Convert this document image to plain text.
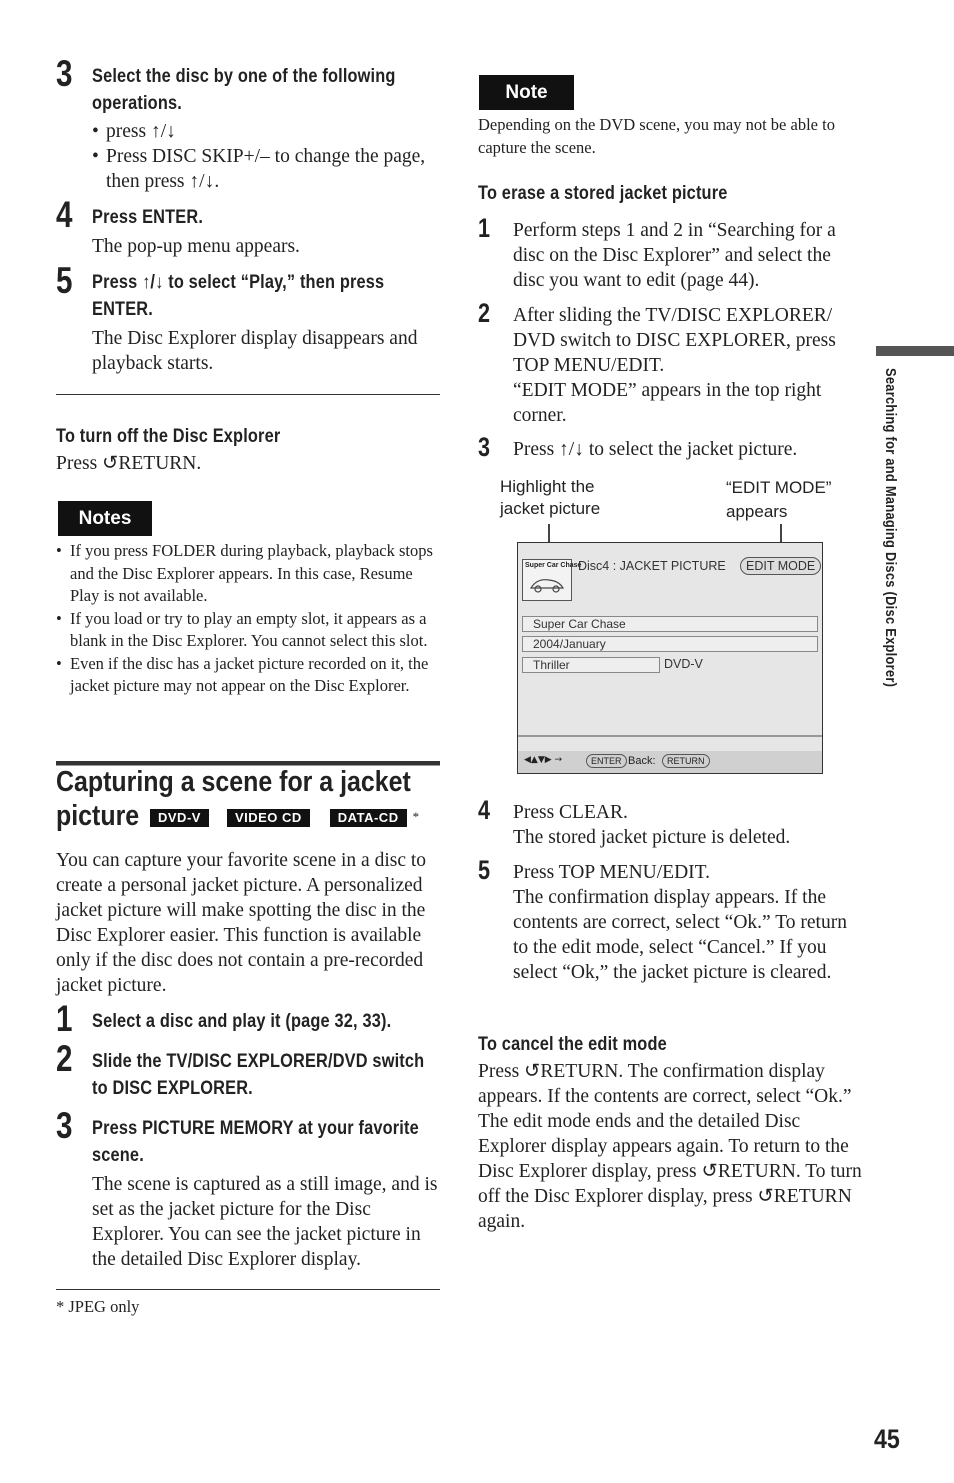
3 Select the disc by one of the following operations.
• press ↑/↓
• Press DISC SKIP+/– to change the page, then press ↑/↓.
4 Press ENTER.
The pop-up menu appears.
5 Press ↑/↓ to select “Play,” then press ENTER.
The Disc Explorer display disappears and playback starts.
To turn off the Disc Explorer
Press ↺RETURN.
Notes
• If you press FOLDER during playback, playback stops and the Disc Explorer appears. In this case, Resume Play is not available.
• If you load or try to play an empty slot, it appears as a blank in the Disc Explorer. You cannot select this slot.
• Even if the disc has a jacket picture recorded on it, the jacket picture may not appear on the Disc Explorer.
Capturing a scene for a jacket
picture	DVD-V	VIDEO CD	DATA-CD *
You can capture your favorite scene in a disc to create a personal jacket picture. A personalized jacket picture will make spotting the disc in the Disc Explorer easier. This function is available only if the disc does not contain a pre-recorded jacket picture.
1 Select a disc and play it (page 32, 33).
2 Slide the TV/DISC EXPLORER/DVD switch to DISC EXPLORER.
3 Press PICTURE MEMORY at your favorite scene.
The scene is captured as a still image, and is set as the jacket picture for the Disc Explorer. You can see the jacket picture in the detailed Disc Explorer display.
* JPEG only
Note
Depending on the DVD scene, you may not be able to capture the scene.
To erase a stored jacket picture
1 Perform steps 1 and 2 in “Searching for a disc on the Disc Explorer” and select the disc you want to edit (page 44).
2 After sliding the TV/DISC EXPLORER/ DVD switch to DISC EXPLORER, press TOP MENU/EDIT.
“EDIT MODE” appears in the top right corner.
3 Press ↑/↓ to select the jacket picture.
Highlight the jacket picture
“EDIT MODE” appears
Super Car Chase
Disc4 : JACKET PICTURE	EDIT MODE
Super Car Chase
2004/January
Thriller	DVD-V
◀▲▼▶ →	ENTER Back:	RETURN
4 Press CLEAR.
The stored jacket picture is deleted.
5 Press TOP MENU/EDIT.
The confirmation display appears. If the contents are correct, select “Ok.” To return to the edit mode, select “Cancel.” If you select “Ok,” the jacket picture is cleared.
To cancel the edit mode
Press ↺RETURN. The confirmation display appears. If the contents are correct, select “Ok.” The edit mode ends and the detailed Disc Explorer display appears again. To return to the Disc Explorer display, press ↺RETURN. To turn off the Disc Explorer display, press ↺RETURN again.
Searching for and Managing Discs (Disc Explorer)
45
